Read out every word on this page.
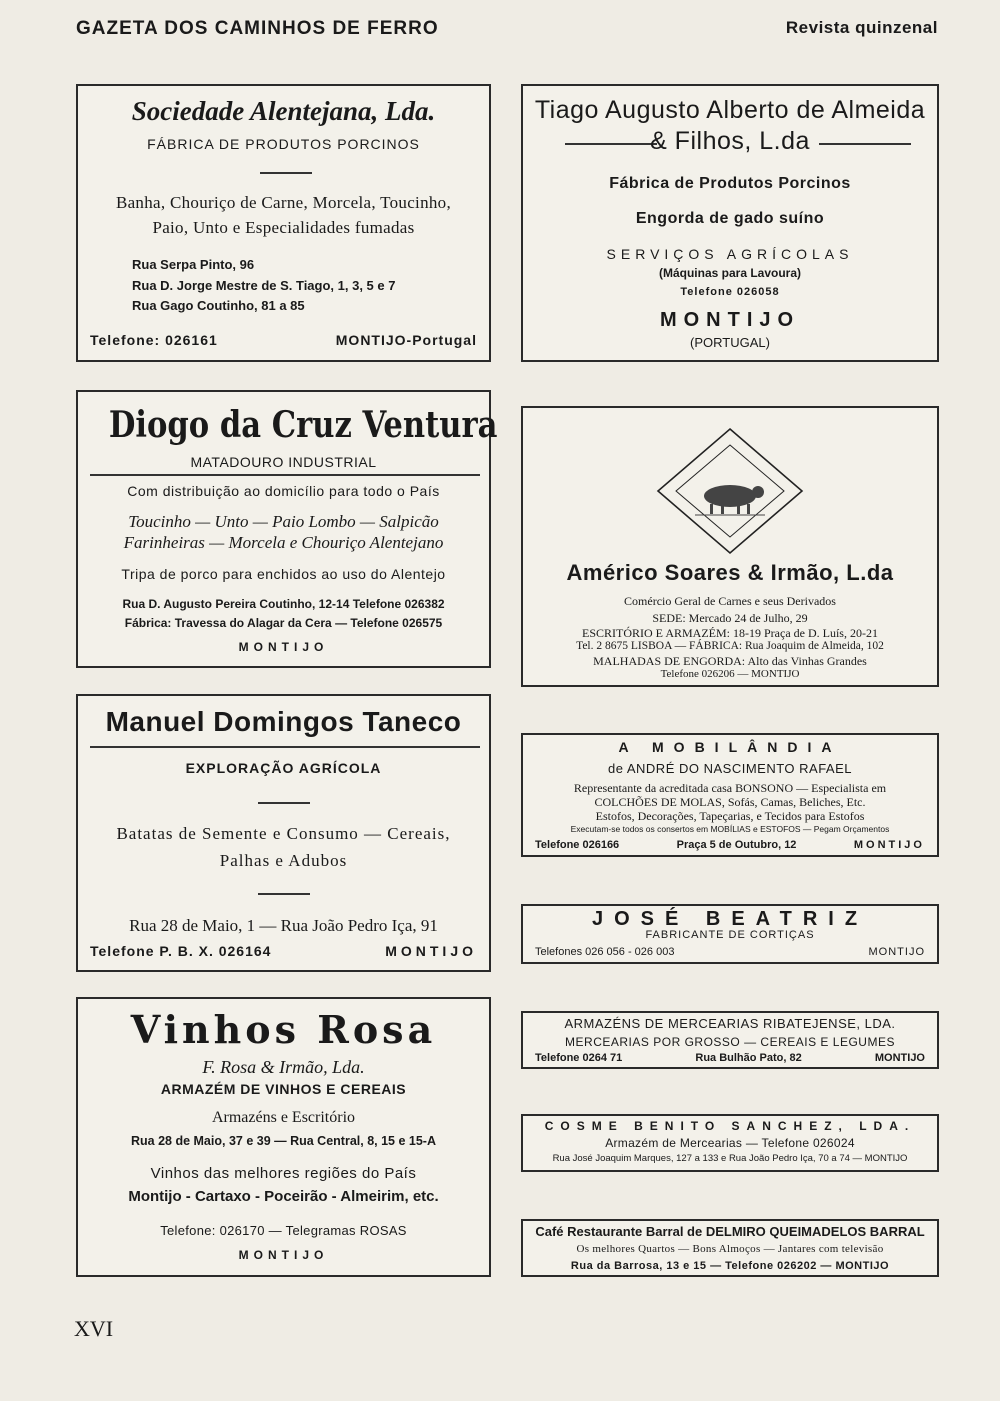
GAZETA DOS CAMINHOS DE FERRO	Revista quinzenal
Sociedade Alentejana, Lda.
FÁBRICA DE PRODUTOS PORCINOS
Banha, Chouriço de Carne, Morcela, Toucinho,
Paio, Unto e Especialidades fumadas
Rua Serpa Pinto, 96
Rua D. Jorge Mestre de S. Tiago, 1, 3, 5 e 7
Rua Gago Coutinho, 81 a 85
Telefone: 026161	MONTIJO-Portugal
Tiago Augusto Alberto de Almeida
& Filhos, L.da
Fábrica de Produtos Porcinos
Engorda de gado suíno
SERVIÇOS AGRÍCOLAS
(Máquinas para Lavoura)
Telefone 026058
MONTIJO
(PORTUGAL)
Diogo da Cruz Ventura
MATADOURO INDUSTRIAL
Com distribuição ao domicílio para todo o País
Toucinho — Unto — Paio Lombo — Salpicão
Farinheiras — Morcela e Chouriço Alentejano
Tripa de porco para enchidos ao uso do Alentejo
Rua D. Augusto Pereira Coutinho, 12-14 Telefone 026382
Fábrica: Travessa do Alagar da Cera — Telefone 026575
MONTIJO
Américo Soares & Irmão, L.da
Comércio Geral de Carnes e seus Derivados
SEDE: Mercado 24 de Julho, 29
ESCRITÓRIO E ARMAZÉM: 18-19 Praça de D. Luís, 20-21
Tel. 2 8675 LISBOA — FÁBRICA: Rua Joaquim de Almeida, 102
MALHADAS DE ENGORDA: Alto das Vinhas Grandes
Telefone 026206 — MONTIJO
Manuel Domingos Taneco
EXPLORAÇÃO AGRÍCOLA
Batatas de Semente e Consumo — Cereais,
Palhas e Adubos
Rua 28 de Maio, 1 — Rua João Pedro Iça, 91
Telefone P. B. X. 026164	MONTIJO
A MOBILÂNDIA
de ANDRÉ DO NASCIMENTO RAFAEL
Representante da acreditada casa BONSONO — Especialista em
COLCHÕES DE MOLAS, Sofás, Camas, Beliches, Etc.
Estofos, Decorações, Tapeçarias, e Tecidos para Estofos
Executam-se todos os consertos em MOBÍLIAS e ESTOFOS — Pegam Orçamentos
Telefone 026166	Praça 5 de Outubro, 12	MONTIJO
JOSÉ BEATRIZ
FABRICANTE DE CORTIÇAS
Telefones 026 056 - 026 003	MONTIJO
ARMAZÉNS DE MERCEARIAS RIBATEJENSE, LDA.
MERCEARIAS POR GROSSO — CEREAIS E LEGUMES
Telefone 0264 71	Rua Bulhão Pato, 82	MONTIJO
Vinhos Rosa
F. Rosa & Irmão, Lda.
ARMAZÉM DE VINHOS E CEREAIS
Armazéns e Escritório
Rua 28 de Maio, 37 e 39 — Rua Central, 8, 15 e 15-A
Vinhos das melhores regiões do País
Montijo - Cartaxo - Poceirão - Almeirim, etc.
Telefone: 026170 — Telegramas ROSAS
MONTIJO
COSME BENITO SANCHEZ, LDA.
Armazém de Mercearias — Telefone 026024
Rua José Joaquim Marques, 127 a 133 e Rua João Pedro Iça, 70 a 74 — MONTIJO
Café Restaurante Barral de DELMIRO QUEIMADELOS BARRAL
Os melhores Quartos — Bons Almoços — Jantares com televisão
Rua da Barrosa, 13 e 15 — Telefone 026202 — MONTIJO
XVI
